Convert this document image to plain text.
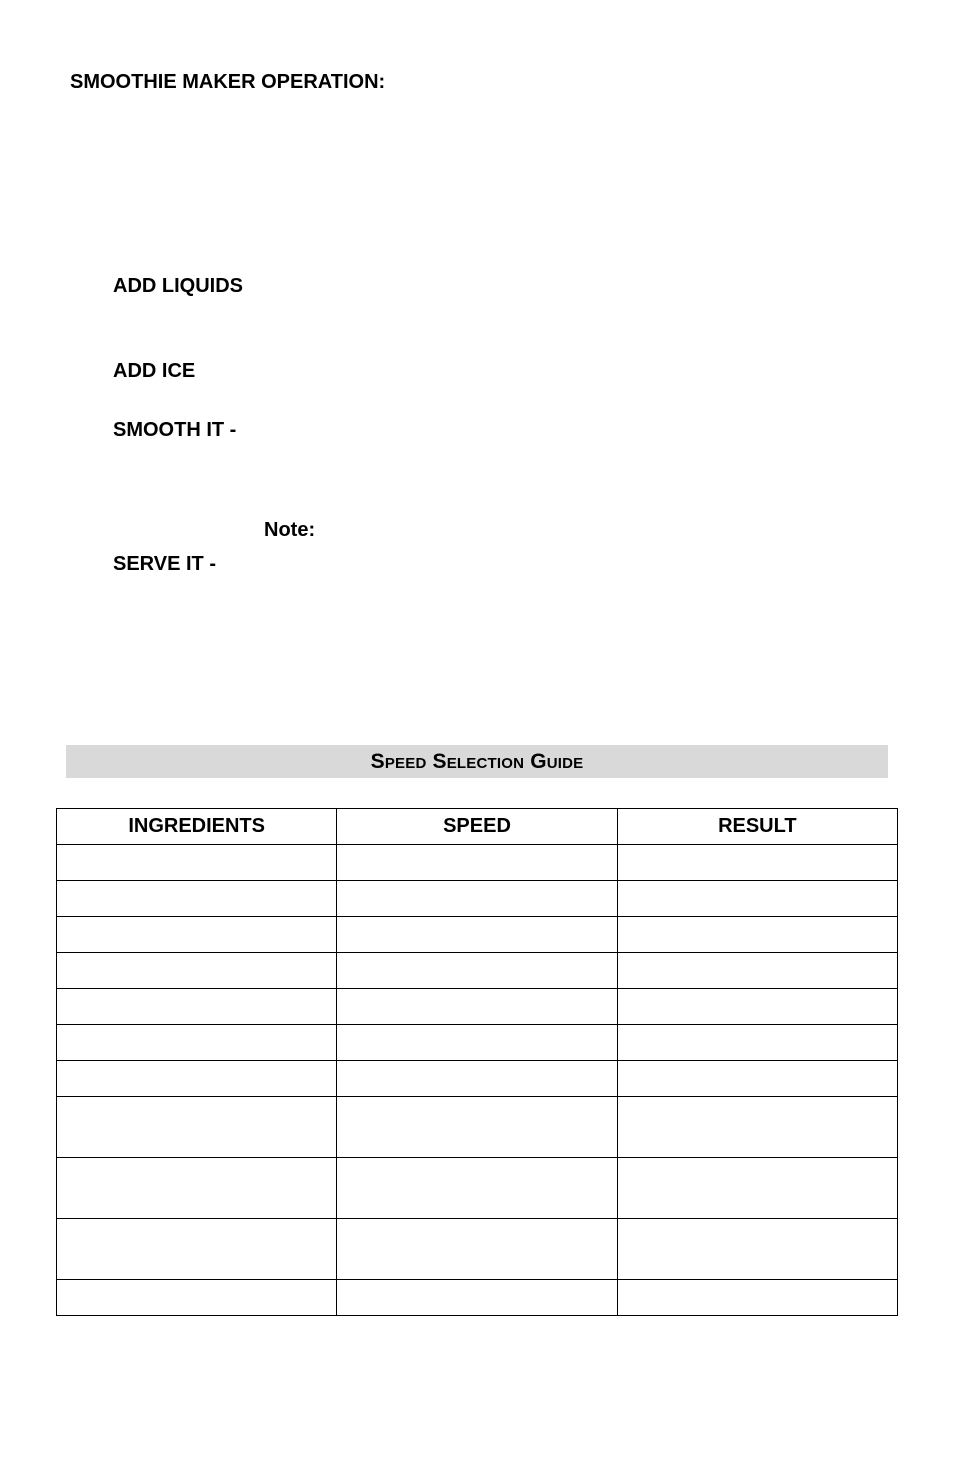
SMOOTHIE MAKER OPERATION:
ADD LIQUIDS
ADD ICE
SMOOTH IT -
Note:
SERVE IT -
Speed Selection Guide
INGREDIENTS	SPEED	RESULT
